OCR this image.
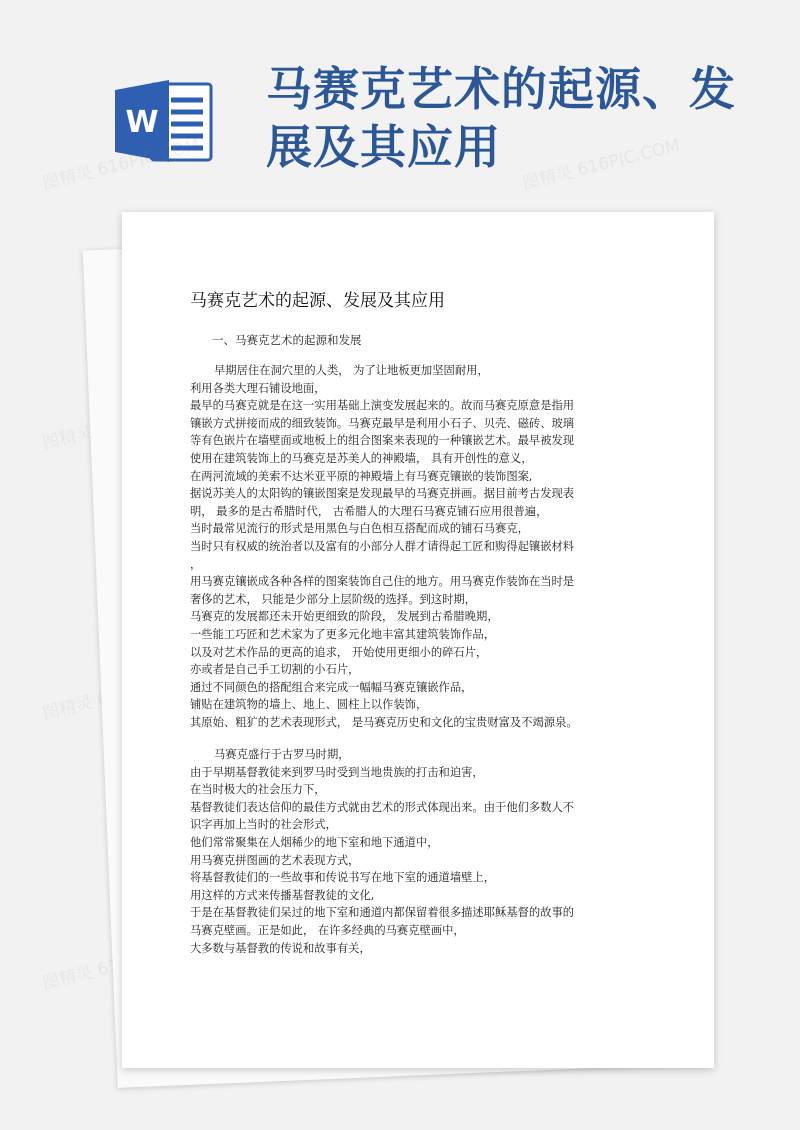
W
马赛克艺术的起源、发展及其应用
图精灵 616PIC.COM	图精灵 616PIC.COM
图精灵
图精灵
图精灵
马赛克艺术的起源、发展及其应用

一、马赛克艺术的起源和发展

早期居住在洞穴里的人类， 为了让地板更加坚固耐用，
利用各类大理石铺设地面，
最早的马赛克就是在这一实用基础上演变发展起来的。故而马赛克原意是指用
镶嵌方式拼接而成的细致装饰。马赛克最早是利用小石子、贝壳、磁砖、玻璃
等有色嵌片在墙壁面或地板上的组合图案来表现的一种镶嵌艺术。最早被发现
使用在建筑装饰上的马赛克是苏美人的神殿墙， 具有开创性的意义，
在两河流域的美索不达米亚平原的神殿墙上有马赛克镶嵌的装饰图案,
据说苏美人的太阳钩的镶嵌图案是发现最早的马赛克拼画。据目前考古发现表
明， 最多的是古希腊时代， 古希腊人的大理石马赛克铺石应用很普遍，
当时最常见流行的形式是用黑色与白色相互搭配而成的铺石马赛克，
当时只有权威的统治者以及富有的小部分人群才请得起工匠和购得起镶嵌材料
，
用马赛克镶嵌成各种各样的图案装饰自己住的地方。用马赛克作装饰在当时是
奢侈的艺术， 只能是少部分上层阶级的选择。到这时期，
马赛克的发展都还未开始更细致的阶段， 发展到古希腊晚期，
一些能工巧匠和艺术家为了更多元化地丰富其建筑装饰作品，
以及对艺术作品的更高的追求， 开始使用更细小的碎石片，
亦或者是自己手工切割的小石片，
通过不同颜色的搭配组合来完成一幅幅马赛克镶嵌作品，
铺贴在建筑物的墙上、地上、圆柱上以作装饰，
其原始、粗犷的艺术表现形式， 是马赛克历史和文化的宝贵财富及不竭源泉。

马赛克盛行于古罗马时期，
由于早期基督教徒来到罗马时受到当地贵族的打击和迫害，
在当时极大的社会压力下，
基督教徒们表达信仰的最佳方式就由艺术的形式体现出来。由于他们多数人不
识字再加上当时的社会形式，
他们常常聚集在人烟稀少的地下室和地下通道中，
用马赛克拼图画的艺术表现方式，
将基督教徒们的一些故事和传说书写在地下室的通道墙壁上，
用这样的方式来传播基督教徒的文化,
于是在基督教徒们呆过的地下室和通道内都保留着很多描述耶稣基督的故事的
马赛克壁画。正是如此， 在许多经典的马赛克壁画中，
大多数与基督教的传说和故事有关，
